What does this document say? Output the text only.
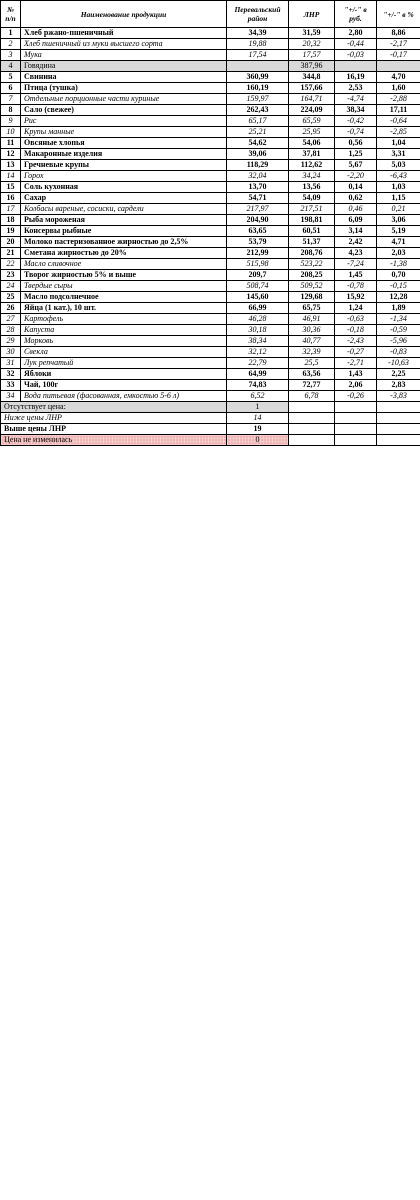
№ п/п	Наименование продукции	Перевальский район	ЛНР	"+/-" в руб.	"+/-" в %
1	Хлеб ржано-пшеничный	34,39	31,59	2,80	8,86
2	Хлеб пшеничный из муки высшего сорта	19,88	20,32	-0,44	-2,17
3	Мука	17,54	17,57	-0,03	-0,17
4	Говядина		387,96		
5	Свинина	360,99	344,8	16,19	4,70
6	Птица (тушка)	160,19	157,66	2,53	1,60
7	Отдельные порционные части куриные	159,97	164,71	-4,74	-2,88
8	Сало (свежее)	262,43	224,09	38,34	17,11
9	Рис	65,17	65,59	-0,42	-0,64
10	Крупы манные	25,21	25,95	-0,74	-2,85
11	Овсяные хлопья	54,62	54,06	0,56	1,04
12	Макаронные изделия	39,06	37,81	1,25	3,31
13	Гречневые крупы	118,29	112,62	5,67	5,03
14	Горох	32,04	34,24	-2,20	-6,43
15	Соль кухонная	13,70	13,56	0,14	1,03
16	Сахар	54,71	54,09	0,62	1,15
17	Колбасы вареные, сосиски, сардели	217,97	217,51	0,46	0,21
18	Рыба мороженая	204,90	198,81	6,09	3,06
19	Консервы рыбные	63,65	60,51	3,14	5,19
20	Молоко пастеризованное жирностью до 2,5%	53,79	51,37	2,42	4,71
21	Сметана жирностью до 20%	212,99	208,76	4,23	2,03
22	Масло сливочное	515,98	523,22	-7,24	-1,38
23	Творог жирностью 5% и выше	209,7	208,25	1,45	0,70
24	Твердые сыры	508,74	509,52	-0,78	-0,15
25	Масло подсолнечное	145,60	129,68	15,92	12,28
26	Яйца (1 кат.), 10 шт.	66,99	65,75	1,24	1,89
27	Картофель	46,28	46,91	-0,63	-1,34
28	Капуста	30,18	30,36	-0,18	-0,59
29	Морковь	38,34	40,77	-2,43	-5,96
30	Свекла	32,12	32,39	-0,27	-0,83
31	Лук репчатый	22,79	25,5	-2,71	-10,63
32	Яблоки	64,99	63,56	1,43	2,25
33	Чай, 100г	74,83	72,77	2,06	2,83
34	Вода питьевая (фасованная, емкостью 5-6 л)	6,52	6,78	-0,26	-3,83
Отсутствует цена:		1			
Ниже цены ЛНР		14			
Выше цены ЛНР		19			
Цена не изменилась		0			
